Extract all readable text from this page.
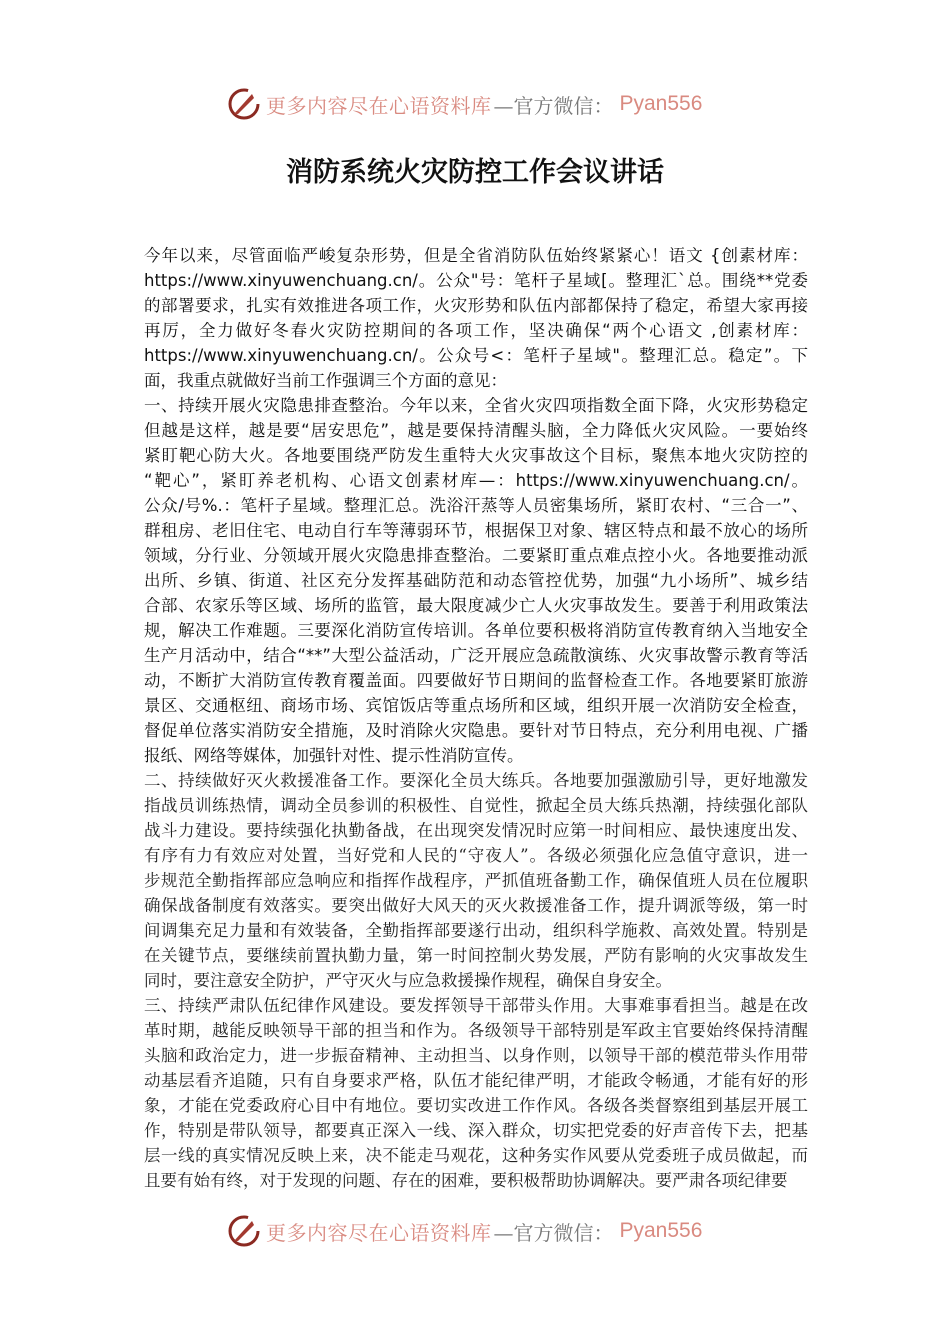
更多内容尽在心语资料库 —官方微信： Pyan556
消防系统火灾防控工作会议讲话
今年以来，尽管面临严峻复杂形势，但是全省消防队伍始终紧紧心！语文 {创素材库：
https://www.xinyuwenchuang.cn/。公众"号：笔杆子星域[。整理汇`总。围绕**党委
的部署要求，扎实有效推进各项工作，火灾形势和队伍内部都保持了稳定，希望大家再接
再厉，全力做好冬春火灾防控期间的各项工作，坚决确保“两个心语文 ,创素材库：
https://www.xinyuwenchuang.cn/。公众号<：笔杆子星域"。整理汇总。稳定”。下
面，我重点就做好当前工作强调三个方面的意见：
一、持续开展火灾隐患排查整治。今年以来，全省火灾四项指数全面下降，火灾形势稳定
但越是这样，越是要“居安思危”，越是要保持清醒头脑，全力降低火灾风险。一要始终
紧盯靶心防大火。各地要围绕严防发生重特大火灾事故这个目标，聚焦本地火灾防控的
“靶心”，紧盯养老机构、心语文创素材库—：https://www.xinyuwenchuang.cn/。
公众/号%.：笔杆子星域。整理汇总。洗浴汗蒸等人员密集场所，紧盯农村、“三合一”、
群租房、老旧住宅、电动自行车等薄弱环节，根据保卫对象、辖区特点和最不放心的场所
领域，分行业、分领域开展火灾隐患排查整治。二要紧盯重点难点控小火。各地要推动派
出所、乡镇、街道、社区充分发挥基础防范和动态管控优势，加强“九小场所”、城乡结
合部、农家乐等区域、场所的监管，最大限度减少亡人火灾事故发生。要善于利用政策法
规，解决工作难题。三要深化消防宣传培训。各单位要积极将消防宣传教育纳入当地安全
生产月活动中，结合“**”大型公益活动，广泛开展应急疏散演练、火灾事故警示教育等活
动，不断扩大消防宣传教育覆盖面。四要做好节日期间的监督检查工作。各地要紧盯旅游
景区、交通枢纽、商场市场、宾馆饭店等重点场所和区域，组织开展一次消防安全检查，
督促单位落实消防安全措施，及时消除火灾隐患。要针对节日特点，充分利用电视、广播
报纸、网络等媒体，加强针对性、提示性消防宣传。
二、持续做好灭火救援准备工作。要深化全员大练兵。各地要加强激励引导，更好地激发
指战员训练热情，调动全员参训的积极性、自觉性，掀起全员大练兵热潮，持续强化部队
战斗力建设。要持续强化执勤备战，在出现突发情况时应第一时间相应、最快速度出发、
有序有力有效应对处置，当好党和人民的“守夜人”。各级必须强化应急值守意识，进一
步规范全勤指挥部应急响应和指挥作战程序，严抓值班备勤工作，确保值班人员在位履职
确保战备制度有效落实。要突出做好大风天的灭火救援准备工作，提升调派等级，第一时
间调集充足力量和有效装备，全勤指挥部要遂行出动，组织科学施救、高效处置。特别是
在关键节点，要继续前置执勤力量，第一时间控制火势发展，严防有影响的火灾事故发生
同时，要注意安全防护，严守灭火与应急救援操作规程，确保自身安全。
三、持续严肃队伍纪律作风建设。要发挥领导干部带头作用。大事难事看担当。越是在改
革时期，越能反映领导干部的担当和作为。各级领导干部特别是军政主官要始终保持清醒
头脑和政治定力，进一步振奋精神、主动担当、以身作则，以领导干部的模范带头作用带
动基层看齐追随，只有自身要求严格，队伍才能纪律严明，才能政令畅通，才能有好的形
象，才能在党委政府心目中有地位。要切实改进工作作风。各级各类督察组到基层开展工
作，特别是带队领导，都要真正深入一线、深入群众，切实把党委的好声音传下去，把基
层一线的真实情况反映上来，决不能走马观花，这种务实作风要从党委班子成员做起，而
且要有始有终，对于发现的问题、存在的困难，要积极帮助协调解决。要严肃各项纪律要
更多内容尽在心语资料库 —官方微信： Pyan556
